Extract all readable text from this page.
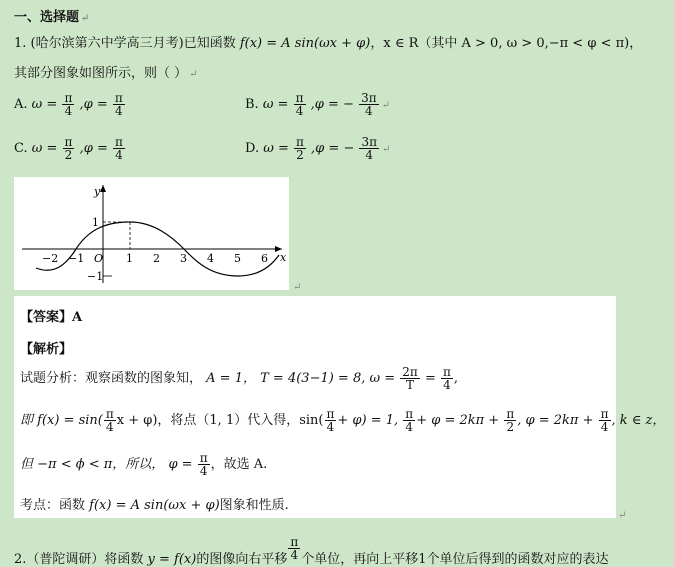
一、选择题 ↵
1. (哈尔滨第六中学高三月考)已知函数 f(x) = A sin(ωx + φ)，x ∈ R（其中 A > 0, ω > 0,−π < φ < π)，
其部分图象如图所示，则（ ） ↵
A. $\omega = \frac{\pi}{4} ,\varphi = \frac{\pi}{4}$	B. $\omega = \frac{\pi}{4} ,\varphi$ = − $\frac{3\pi}{4}$ ↵
C. $\omega = \frac{\pi}{2} ,\varphi = \frac{\pi}{4}$	D. $\omega = \frac{\pi}{2} ,\varphi$ = − $\frac{3\pi}{4}$ ↵
y
x
1
−1
−2 −1 O 1 2 3 4 5 6
↵
【答案】A
【解析】
试题分析：观察函数的图象知， A = 1， T = 4(3−1) = 8, $\omega = \frac{2\pi}{T} = \frac{\pi}{4}$ ,
即 $f(x) = \sin( \frac{\pi}{4}$ x + φ)，将点（1, 1）代入得，$\sin( \frac{\pi}{4} + \varphi) = 1$, $\frac{\pi}{4} + \varphi = 2k\pi + \frac{\pi}{2}$ , $\varphi = 2k\pi + \frac{\pi}{4}$ , k ∈ z，
但 −π < ϕ < π，所以， $\varphi = \frac{\pi}{4}$ ，故选 A.
考点：函数 f(x) = A sin(ωx + φ)图象和性质.
↵
2.（普陀调研）将函数 y = f(x)的图像向右平移 $\frac{\pi}{4}$ 个单位，再向上平移1个单位后得到的函数对应的表达
